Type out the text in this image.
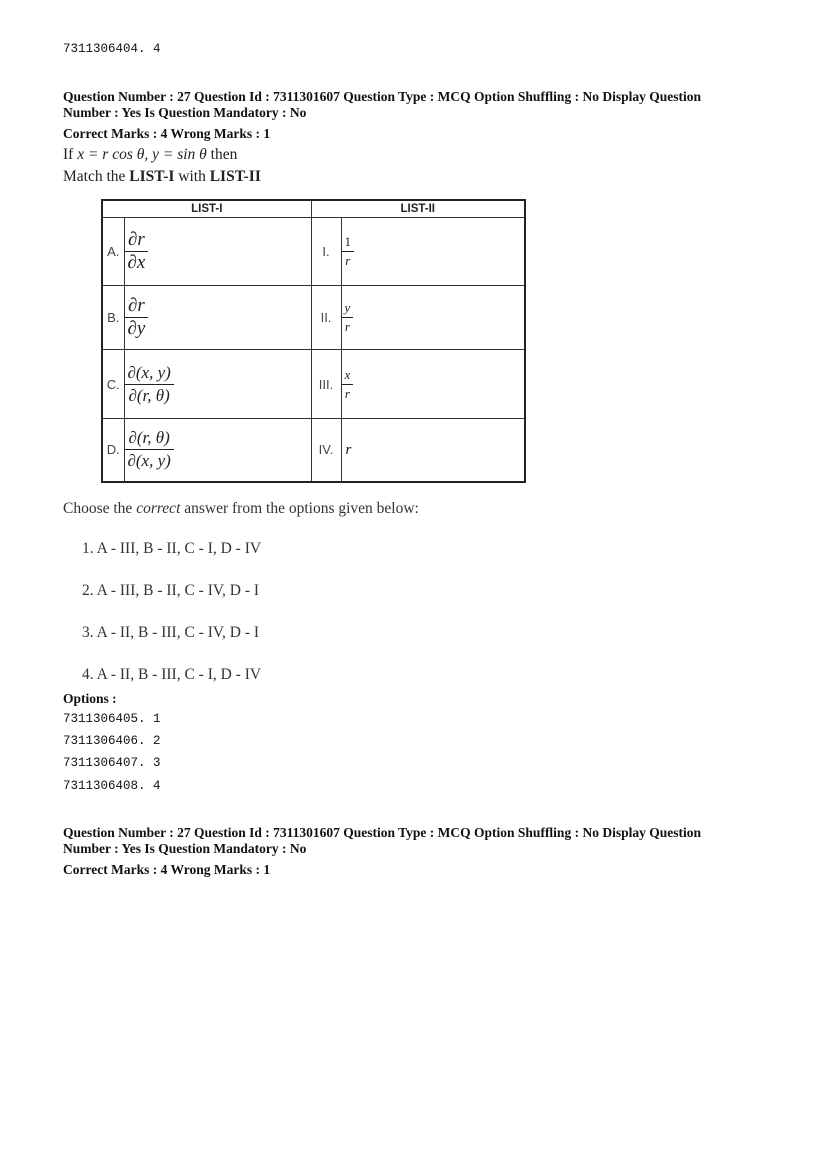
7311306404. 4
Question Number : 27 Question Id : 7311301607 Question Type : MCQ Option Shuffling : No Display Question
Number : Yes Is Question Mandatory : No
Correct Marks : 4 Wrong Marks : 1
If x = r cos θ, y = sin θ then
Match the LIST-I with LIST-II
LIST-I		LIST-II	
A.	$\frac{\partial r}{\partial x}$	I.	$\frac{1}{r}$

B.	$\frac{\partial r}{\partial y}$	II.	$\frac{y}{r}$

C.	$\frac{\partial(x, y)}{\partial(r, \theta)}$	III.	$\frac{x}{r}$

D.	$\frac{\partial(r, \theta)}{\partial(x, y)}$	IV.	r
Choose the correct answer from the options given below:
1. A - III, B - II, C - I, D - IV
2. A - III, B - II, C - IV, D - I
3. A - II, B - III, C - IV, D - I
4. A - II, B - III, C - I, D - IV
Options :
7311306405. 1
7311306406. 2
7311306407. 3
7311306408. 4
Question Number : 27 Question Id : 7311301607 Question Type : MCQ Option Shuffling : No Display Question
Number : Yes Is Question Mandatory : No
Correct Marks : 4 Wrong Marks : 1
